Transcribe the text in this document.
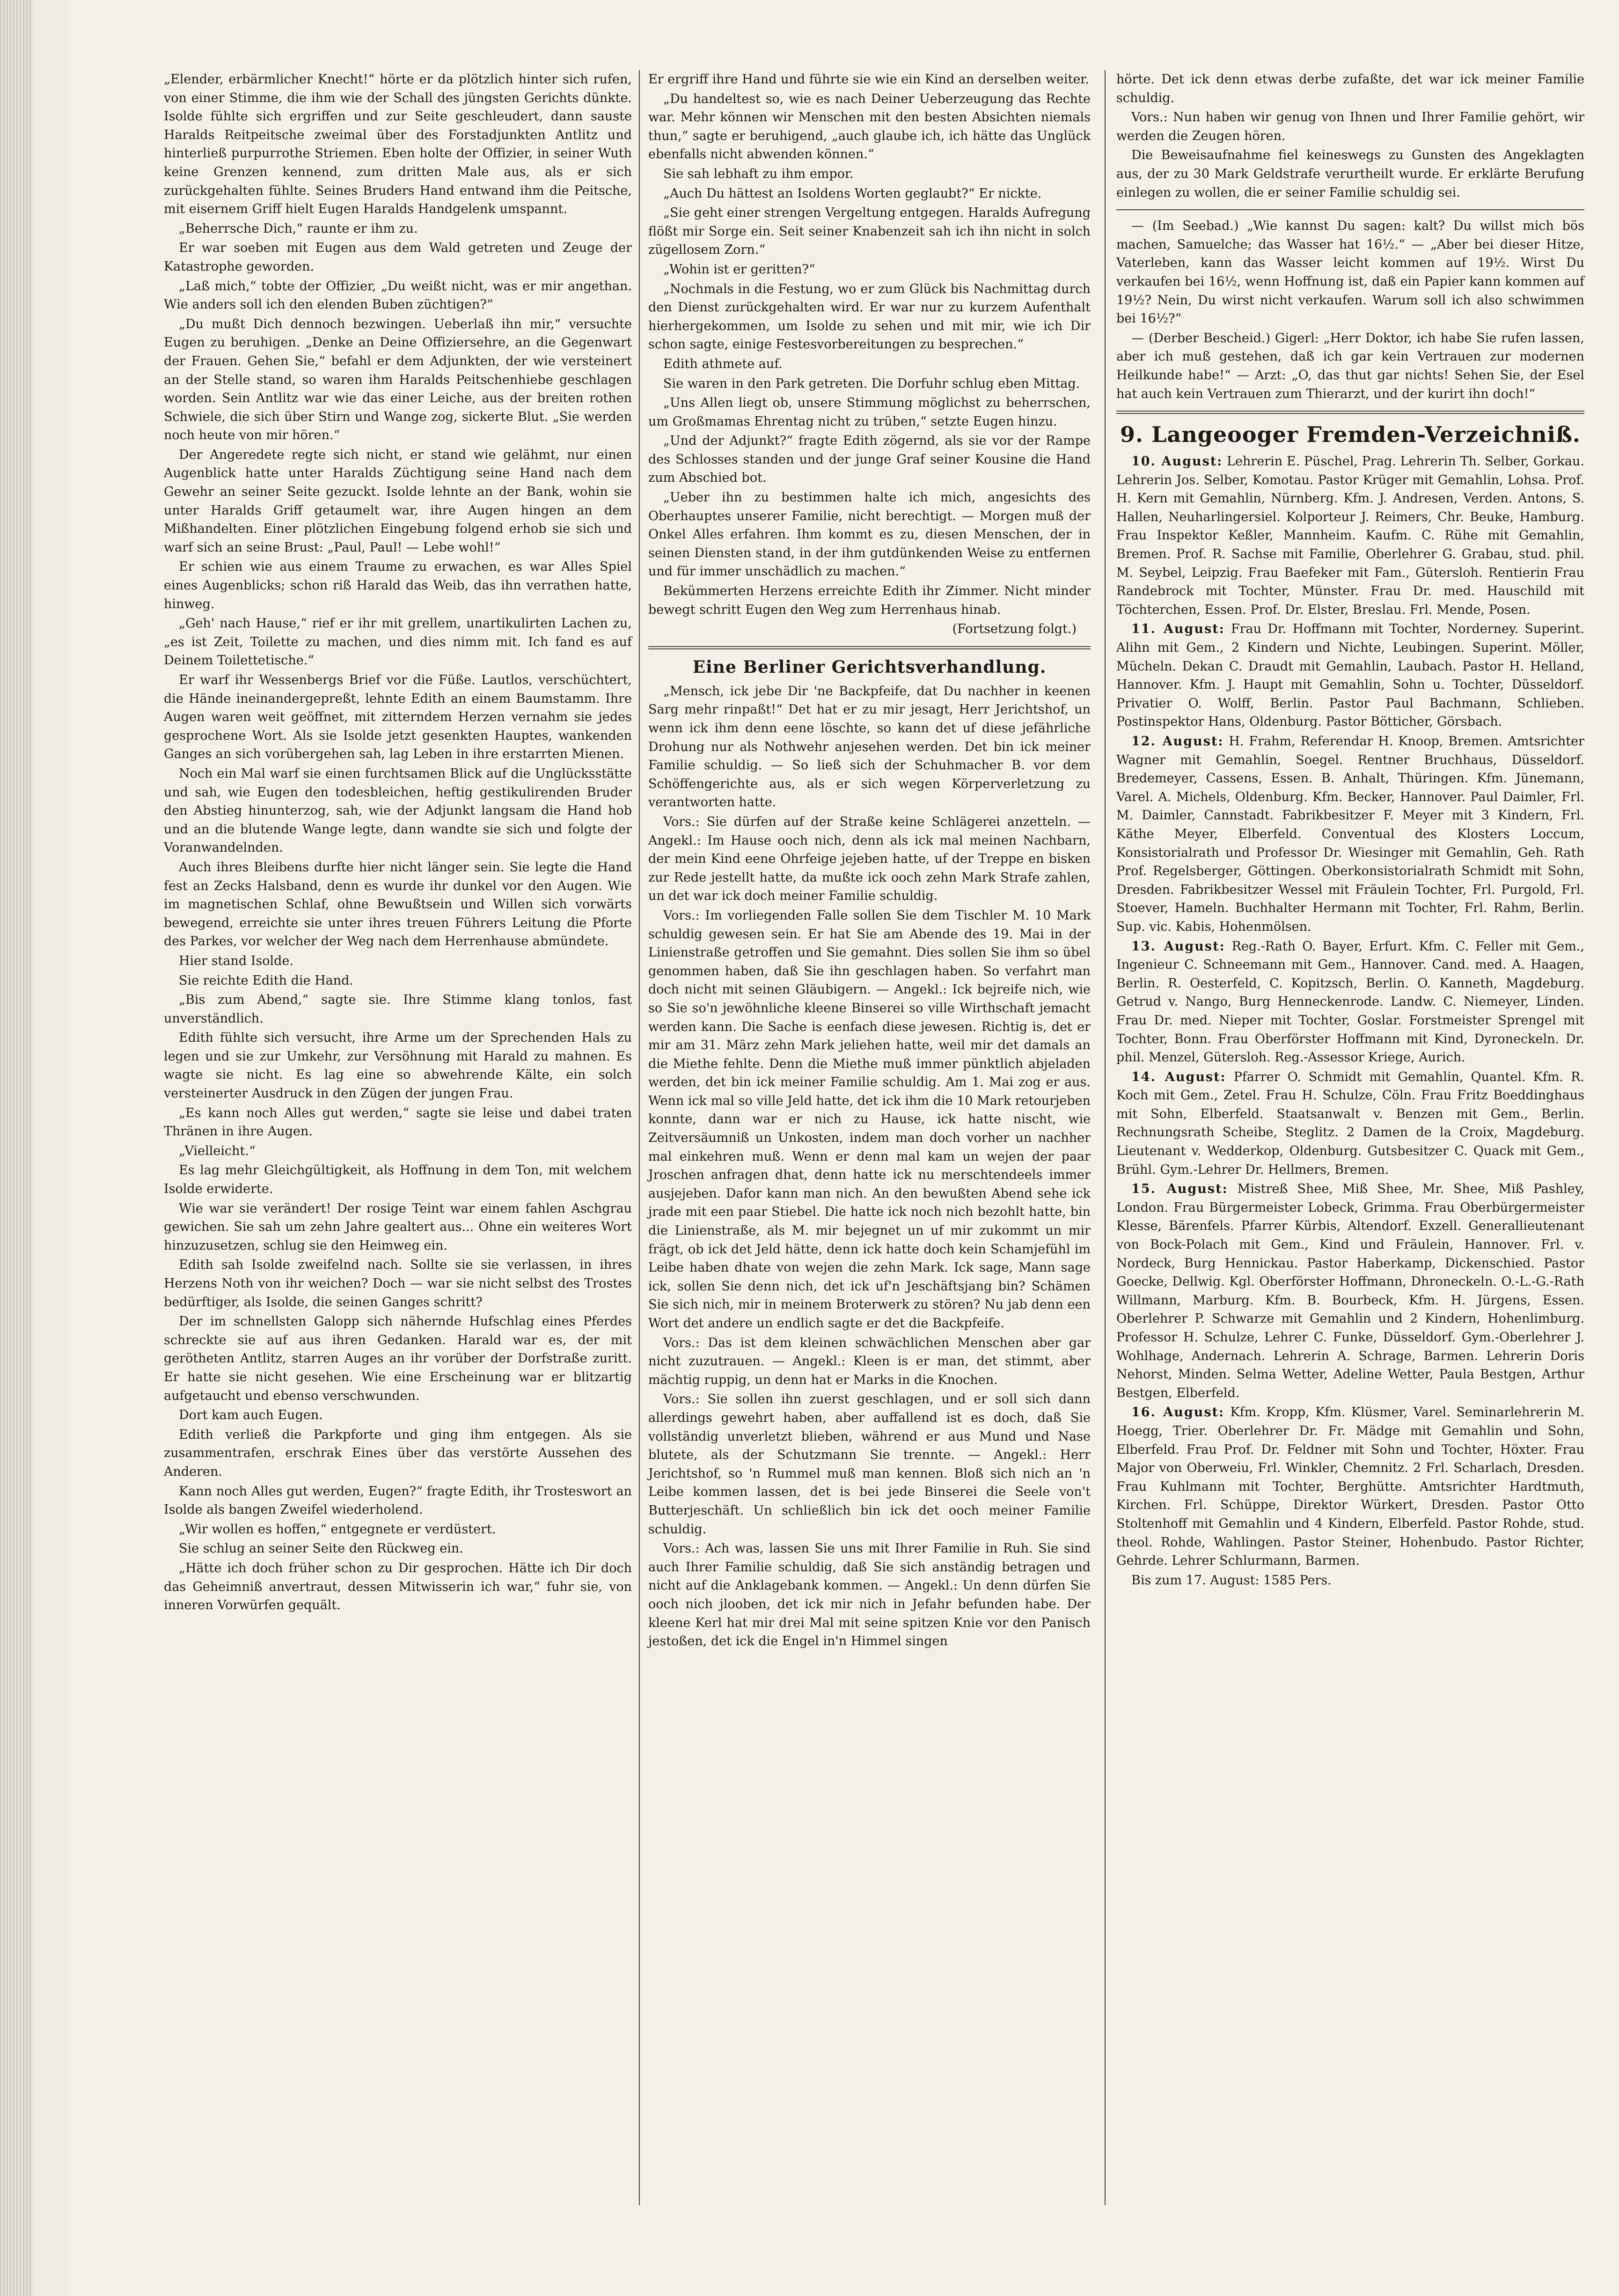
„Elender, erbärmlicher Knecht!“ hörte er da plötzlich hinter sich rufen, von einer Stimme, die ihm wie der Schall des jüngsten Gerichts dünkte. Isolde fühlte sich ergriffen und zur Seite geschleudert, dann sauste Haralds Reitpeitsche zweimal über des Forstadjunkten Antlitz und hinterließ purpurrothe Striemen. Eben holte der Offizier, in seiner Wuth keine Grenzen kennend, zum dritten Male aus, als er sich zurückgehalten fühlte. Seines Bruders Hand entwand ihm die Peitsche, mit eisernem Griff hielt Eugen Haralds Handgelenk umspannt.

„Beherrsche Dich,“ raunte er ihm zu.

Er war soeben mit Eugen aus dem Wald getreten und Zeuge der Katastrophe geworden.

„Laß mich,“ tobte der Offizier, „Du weißt nicht, was er mir angethan. Wie anders soll ich den elenden Buben züchtigen?“

„Du mußt Dich dennoch bezwingen. Ueberlaß ihn mir,“ versuchte Eugen zu beruhigen. „Denke an Deine Offiziersehre, an die Gegenwart der Frauen. Gehen Sie,“ befahl er dem Adjunkten, der wie versteinert an der Stelle stand, so waren ihm Haralds Peitschenhiebe geschlagen worden. Sein Antlitz war wie das einer Leiche, aus der breiten rothen Schwiele, die sich über Stirn und Wange zog, sickerte Blut. „Sie werden noch heute von mir hören.“

Der Angeredete regte sich nicht, er stand wie gelähmt, nur einen Augenblick hatte unter Haralds Züchtigung seine Hand nach dem Gewehr an seiner Seite gezuckt. Isolde lehnte an der Bank, wohin sie unter Haralds Griff getaumelt war, ihre Augen hingen an dem Mißhandelten. Einer plötzlichen Eingebung folgend erhob sie sich und warf sich an seine Brust: „Paul, Paul! — Lebe wohl!“

Er schien wie aus einem Traume zu erwachen, es war Alles Spiel eines Augenblicks; schon riß Harald das Weib, das ihn verrathen hatte, hinweg.

„Geh' nach Hause,“ rief er ihr mit grellem, unartikulirten Lachen zu, „es ist Zeit, Toilette zu machen, und dies nimm mit. Ich fand es auf Deinem Toilettetische.“

Er warf ihr Wessenbergs Brief vor die Füße. Lautlos, verschüchtert, die Hände ineinandergepreßt, lehnte Edith an einem Baumstamm. Ihre Augen waren weit geöffnet, mit zitterndem Herzen vernahm sie jedes gesprochene Wort. Als sie Isolde jetzt gesenkten Hauptes, wankenden Ganges an sich vorübergehen sah, lag Leben in ihre erstarrten Mienen.

Noch ein Mal warf sie einen furchtsamen Blick auf die Unglücksstätte und sah, wie Eugen den todesbleichen, heftig gestikulirenden Bruder den Abstieg hinunterzog, sah, wie der Adjunkt langsam die Hand hob und an die blutende Wange legte, dann wandte sie sich und folgte der Voranwandelnden.

Auch ihres Bleibens durfte hier nicht länger sein. Sie legte die Hand fest an Zecks Halsband, denn es wurde ihr dunkel vor den Augen. Wie im magnetischen Schlaf, ohne Bewußtsein und Willen sich vorwärts bewegend, erreichte sie unter ihres treuen Führers Leitung die Pforte des Parkes, vor welcher der Weg nach dem Herrenhause abmündete.

Hier stand Isolde.

Sie reichte Edith die Hand.

„Bis zum Abend,“ sagte sie. Ihre Stimme klang tonlos, fast unverständlich.

Edith fühlte sich versucht, ihre Arme um der Sprechenden Hals zu legen und sie zur Umkehr, zur Versöhnung mit Harald zu mahnen. Es wagte sie nicht. Es lag eine so abwehrende Kälte, ein solch versteinerter Ausdruck in den Zügen der jungen Frau.

„Es kann noch Alles gut werden,“ sagte sie leise und dabei traten Thränen in ihre Augen.

„Vielleicht.“

Es lag mehr Gleichgültigkeit, als Hoffnung in dem Ton, mit welchem Isolde erwiderte.

Wie war sie verändert! Der rosige Teint war einem fahlen Aschgrau gewichen. Sie sah um zehn Jahre gealtert aus... Ohne ein weiteres Wort hinzuzusetzen, schlug sie den Heimweg ein.

Edith sah Isolde zweifelnd nach. Sollte sie sie verlassen, in ihres Herzens Noth von ihr weichen? Doch — war sie nicht selbst des Trostes bedürftiger, als Isolde, die seinen Ganges schritt?

Der im schnellsten Galopp sich nähernde Hufschlag eines Pferdes schreckte sie auf aus ihren Gedanken. Harald war es, der mit gerötheten Antlitz, starren Auges an ihr vorüber der Dorfstraße zuritt. Er hatte sie nicht gesehen. Wie eine Erscheinung war er blitzartig aufgetaucht und ebenso verschwunden.

Dort kam auch Eugen.

Edith verließ die Parkpforte und ging ihm entgegen. Als sie zusammentrafen, erschrak Eines über das verstörte Aussehen des Anderen.

Kann noch Alles gut werden, Eugen?“ fragte Edith, ihr Trosteswort an Isolde als bangen Zweifel wiederholend.

„Wir wollen es hoffen,“ entgegnete er verdüstert.

Sie schlug an seiner Seite den Rückweg ein.

„Hätte ich doch früher schon zu Dir gesprochen. Hätte ich Dir doch das Geheimniß anvertraut, dessen Mitwisserin ich war,“ fuhr sie, von inneren Vorwürfen gequält.

Er ergriff ihre Hand und führte sie wie ein Kind an derselben weiter.

„Du handeltest so, wie es nach Deiner Ueberzeugung das Rechte war. Mehr können wir Menschen mit den besten Absichten niemals thun,“ sagte er beruhigend, „auch glaube ich, ich hätte das Unglück ebenfalls nicht abwenden können.“

Sie sah lebhaft zu ihm empor.

„Auch Du hättest an Isoldens Worten geglaubt?“ Er nickte.

„Sie geht einer strengen Vergeltung entgegen. Haralds Aufregung flößt mir Sorge ein. Seit seiner Knabenzeit sah ich ihn nicht in solch zügellosem Zorn.“

„Wohin ist er geritten?“

„Nochmals in die Festung, wo er zum Glück bis Nachmittag durch den Dienst zurückgehalten wird. Er war nur zu kurzem Aufenthalt hierhergekommen, um Isolde zu sehen und mit mir, wie ich Dir schon sagte, einige Festesvorbereitungen zu besprechen.“

Edith athmete auf.

Sie waren in den Park getreten. Die Dorfuhr schlug eben Mittag.

„Uns Allen liegt ob, unsere Stimmung möglichst zu beherrschen, um Großmamas Ehrentag nicht zu trüben,“ setzte Eugen hinzu.

„Und der Adjunkt?“ fragte Edith zögernd, als sie vor der Rampe des Schlosses standen und der junge Graf seiner Kousine die Hand zum Abschied bot.

„Ueber ihn zu bestimmen halte ich mich, angesichts des Oberhauptes unserer Familie, nicht berechtigt. — Morgen muß der Onkel Alles erfahren. Ihm kommt es zu, diesen Menschen, der in seinen Diensten stand, in der ihm gutdünkenden Weise zu entfernen und für immer unschädlich zu machen.“

Bekümmerten Herzens erreichte Edith ihr Zimmer. Nicht minder bewegt schritt Eugen den Weg zum Herrenhaus hinab.

(Fortsetzung folgt.)

Eine Berliner Gerichtsverhandlung.

„Mensch, ick jebe Dir 'ne Backpfeife, dat Du nachher in keenen Sarg mehr rinpaßt!“ Det hat er zu mir jesagt, Herr Jerichtshof, un wenn ick ihm denn eene löschte, so kann det uf diese jefährliche Drohung nur als Nothwehr anjesehen werden. Det bin ick meiner Familie schuldig. — So ließ sich der Schuhmacher B. vor dem Schöffengerichte aus, als er sich wegen Körperverletzung zu verantworten hatte.

Vors.: Sie dürfen auf der Straße keine Schlägerei anzetteln. — Angekl.: Im Hause ooch nich, denn als ick mal meinen Nachbarn, der mein Kind eene Ohrfeige jejeben hatte, uf der Treppe en bisken zur Rede jestellt hatte, da mußte ick ooch zehn Mark Strafe zahlen, un det war ick doch meiner Familie schuldig.

Vors.: Im vorliegenden Falle sollen Sie dem Tischler M. 10 Mark schuldig gewesen sein. Er hat Sie am Abende des 19. Mai in der Linienstraße getroffen und Sie gemahnt. Dies sollen Sie ihm so übel genommen haben, daß Sie ihn geschlagen haben. So verfahrt man doch nicht mit seinen Gläubigern. — Angekl.: Ick bejreife nich, wie so Sie so'n jewöhnliche kleene Binserei so ville Wirthschaft jemacht werden kann. Die Sache is eenfach diese jewesen. Richtig is, det er mir am 31. März zehn Mark jeliehen hatte, weil mir det damals an die Miethe fehlte. Denn die Miethe muß immer pünktlich abjeladen werden, det bin ick meiner Familie schuldig. Am 1. Mai zog er aus. Wenn ick mal so ville Jeld hatte, det ick ihm die 10 Mark retourjeben konnte, dann war er nich zu Hause, ick hatte nischt, wie Zeitversäumniß un Unkosten, indem man doch vorher un nachher mal einkehren muß. Wenn er denn mal kam un wejen der paar Jroschen anfragen dhat, denn hatte ick nu merschtendeels immer ausjejeben. Dafor kann man nich. An den bewußten Abend sehe ick jrade mit een paar Stiebel. Die hatte ick noch nich bezohlt hatte, bin die Linienstraße, als M. mir bejegnet un uf mir zukommt un mir frägt, ob ick det Jeld hätte, denn ick hatte doch kein Schamjefühl im Leibe haben dhate von wejen die zehn Mark. Ick sage, Mann sage ick, sollen Sie denn nich, det ick uf'n Jeschäftsjang bin? Schämen Sie sich nich, mir in meinem Broterwerk zu stören? Nu jab denn een Wort det andere un endlich sagte er det die Backpfeife.

Vors.: Das ist dem kleinen schwächlichen Menschen aber gar nicht zuzutrauen. — Angekl.: Kleen is er man, det stimmt, aber mächtig ruppig, un denn hat er Marks in die Knochen.

Vors.: Sie sollen ihn zuerst geschlagen, und er soll sich dann allerdings gewehrt haben, aber auffallend ist es doch, daß Sie vollständig unverletzt blieben, während er aus Mund und Nase blutete, als der Schutzmann Sie trennte. — Angekl.: Herr Jerichtshof, so 'n Rummel muß man kennen. Bloß sich nich an 'n Leibe kommen lassen, det is bei jede Binserei die Seele von't Butterjeschäft. Un schließlich bin ick det ooch meiner Familie schuldig.

Vors.: Ach was, lassen Sie uns mit Ihrer Familie in Ruh. Sie sind auch Ihrer Familie schuldig, daß Sie sich anständig betragen und nicht auf die Anklagebank kommen. — Angekl.: Un denn dürfen Sie ooch nich jlooben, det ick mir nich in Jefahr befunden habe. Der kleene Kerl hat mir drei Mal mit seine spitzen Knie vor den Panisch jestoßen, det ick die Engel in'n Himmel singen

hörte. Det ick denn etwas derbe zufaßte, det war ick meiner Familie schuldig.

Vors.: Nun haben wir genug von Ihnen und Ihrer Familie gehört, wir werden die Zeugen hören.

Die Beweisaufnahme fiel keineswegs zu Gunsten des Angeklagten aus, der zu 30 Mark Geldstrafe verurtheilt wurde. Er erklärte Berufung einlegen zu wollen, die er seiner Familie schuldig sei.

— (Im Seebad.) „Wie kannst Du sagen: kalt? Du willst mich bös machen, Samuelche; das Wasser hat 16½.“ — „Aber bei dieser Hitze, Vaterleben, kann das Wasser leicht kommen auf 19½. Wirst Du verkaufen bei 16½, wenn Hoffnung ist, daß ein Papier kann kommen auf 19½? Nein, Du wirst nicht verkaufen. Warum soll ich also schwimmen bei 16½?“

— (Derber Bescheid.) Gigerl: „Herr Doktor, ich habe Sie rufen lassen, aber ich muß gestehen, daß ich gar kein Vertrauen zur modernen Heilkunde habe!“ — Arzt: „O, das thut gar nichts! Sehen Sie, der Esel hat auch kein Vertrauen zum Thierarzt, und der kurirt ihn doch!“

9. Langeooger Fremden-Verzeichniß.

10. August: Lehrerin E. Püschel, Prag. Lehrerin Th. Selber, Gorkau. Lehrerin Jos. Selber, Komotau. Pastor Krüger mit Gemahlin, Lohsa. Prof. H. Kern mit Gemahlin, Nürnberg. Kfm. J. Andresen, Verden. Antons, S. Hallen, Neuharlingersiel. Kolporteur J. Reimers, Chr. Beuke, Hamburg. Frau Inspektor Keßler, Mannheim. Kaufm. C. Rühe mit Gemahlin, Bremen. Prof. R. Sachse mit Familie, Oberlehrer G. Grabau, stud. phil. M. Seybel, Leipzig. Frau Baefeker mit Fam., Gütersloh. Rentierin Frau Randebrock mit Tochter, Münster. Frau Dr. med. Hauschild mit Töchterchen, Essen. Prof. Dr. Elster, Breslau. Frl. Mende, Posen.

11. August: Frau Dr. Hoffmann mit Tochter, Norderney. Superint. Alihn mit Gem., 2 Kindern und Nichte, Leubingen. Superint. Möller, Mücheln. Dekan C. Draudt mit Gemahlin, Laubach. Pastor H. Helland, Hannover. Kfm. J. Haupt mit Gemahlin, Sohn u. Tochter, Düsseldorf. Privatier O. Wolff, Berlin. Pastor Paul Bachmann, Schlieben. Postinspektor Hans, Oldenburg. Pastor Bötticher, Görsbach.

12. August: H. Frahm, Referendar H. Knoop, Bremen. Amtsrichter Wagner mit Gemahlin, Soegel. Rentner Bruchhaus, Düsseldorf. Bredemeyer, Cassens, Essen. B. Anhalt, Thüringen. Kfm. Jünemann, Varel. A. Michels, Oldenburg. Kfm. Becker, Hannover. Paul Daimler, Frl. M. Daimler, Cannstadt. Fabrikbesitzer F. Meyer mit 3 Kindern, Frl. Käthe Meyer, Elberfeld. Conventual des Klosters Loccum, Konsistorialrath und Professor Dr. Wiesinger mit Gemahlin, Geh. Rath Prof. Regelsberger, Göttingen. Oberkonsistorialrath Schmidt mit Sohn, Dresden. Fabrikbesitzer Wessel mit Fräulein Tochter, Frl. Purgold, Frl. Stoever, Hameln. Buchhalter Hermann mit Tochter, Frl. Rahm, Berlin. Sup. vic. Kabis, Hohenmölsen.

13. August: Reg.-Rath O. Bayer, Erfurt. Kfm. C. Feller mit Gem., Ingenieur C. Schneemann mit Gem., Hannover. Cand. med. A. Haagen, Berlin. R. Oesterfeld, C. Kopitzsch, Berlin. O. Kanneth, Magdeburg. Getrud v. Nango, Burg Henneckenrode. Landw. C. Niemeyer, Linden. Frau Dr. med. Nieper mit Tochter, Goslar. Forstmeister Sprengel mit Tochter, Bonn. Frau Oberförster Hoffmann mit Kind, Dyroneckeln. Dr. phil. Menzel, Gütersloh. Reg.-Assessor Kriege, Aurich.

14. August: Pfarrer O. Schmidt mit Gemahlin, Quantel. Kfm. R. Koch mit Gem., Zetel. Frau H. Schulze, Cöln. Frau Fritz Boeddinghaus mit Sohn, Elberfeld. Staatsanwalt v. Benzen mit Gem., Berlin. Rechnungsrath Scheibe, Steglitz. 2 Damen de la Croix, Magdeburg. Lieutenant v. Wedderkop, Oldenburg. Gutsbesitzer C. Quack mit Gem., Brühl. Gym.-Lehrer Dr. Hellmers, Bremen.

15. August: Mistreß Shee, Miß Shee, Mr. Shee, Miß Pashley, London. Frau Bürgermeister Lobeck, Grimma. Frau Oberbürgermeister Klesse, Bärenfels. Pfarrer Kürbis, Altendorf. Exzell. Generallieutenant von Bock-Polach mit Gem., Kind und Fräulein, Hannover. Frl. v. Nordeck, Burg Hennickau. Pastor Haberkamp, Dickenschied. Pastor Goecke, Dellwig. Kgl. Oberförster Hoffmann, Dhroneckeln. O.-L.-G.-Rath Willmann, Marburg. Kfm. B. Bourbeck, Kfm. H. Jürgens, Essen. Oberlehrer P. Schwarze mit Gemahlin und 2 Kindern, Hohenlimburg. Professor H. Schulze, Lehrer C. Funke, Düsseldorf. Gym.-Oberlehrer J. Wohlhage, Andernach. Lehrerin A. Schrage, Barmen. Lehrerin Doris Nehorst, Minden. Selma Wetter, Adeline Wetter, Paula Bestgen, Arthur Bestgen, Elberfeld.

16. August: Kfm. Kropp, Kfm. Klüsmer, Varel. Seminarlehrerin M. Hoegg, Trier. Oberlehrer Dr. Fr. Mädge mit Gemahlin und Sohn, Elberfeld. Frau Prof. Dr. Feldner mit Sohn und Tochter, Höxter. Frau Major von Oberweiu, Frl. Winkler, Chemnitz. 2 Frl. Scharlach, Dresden. Frau Kuhlmann mit Tochter, Berghütte. Amtsrichter Hardtmuth, Kirchen. Frl. Schüppe, Direktor Würkert, Dresden. Pastor Otto Stoltenhoff mit Gemahlin und 4 Kindern, Elberfeld. Pastor Rohde, stud. theol. Rohde, Wahlingen. Pastor Steiner, Hohenbudo. Pastor Richter, Gehrde. Lehrer Schlurmann, Barmen.

Bis zum 17. August: 1585 Pers.
